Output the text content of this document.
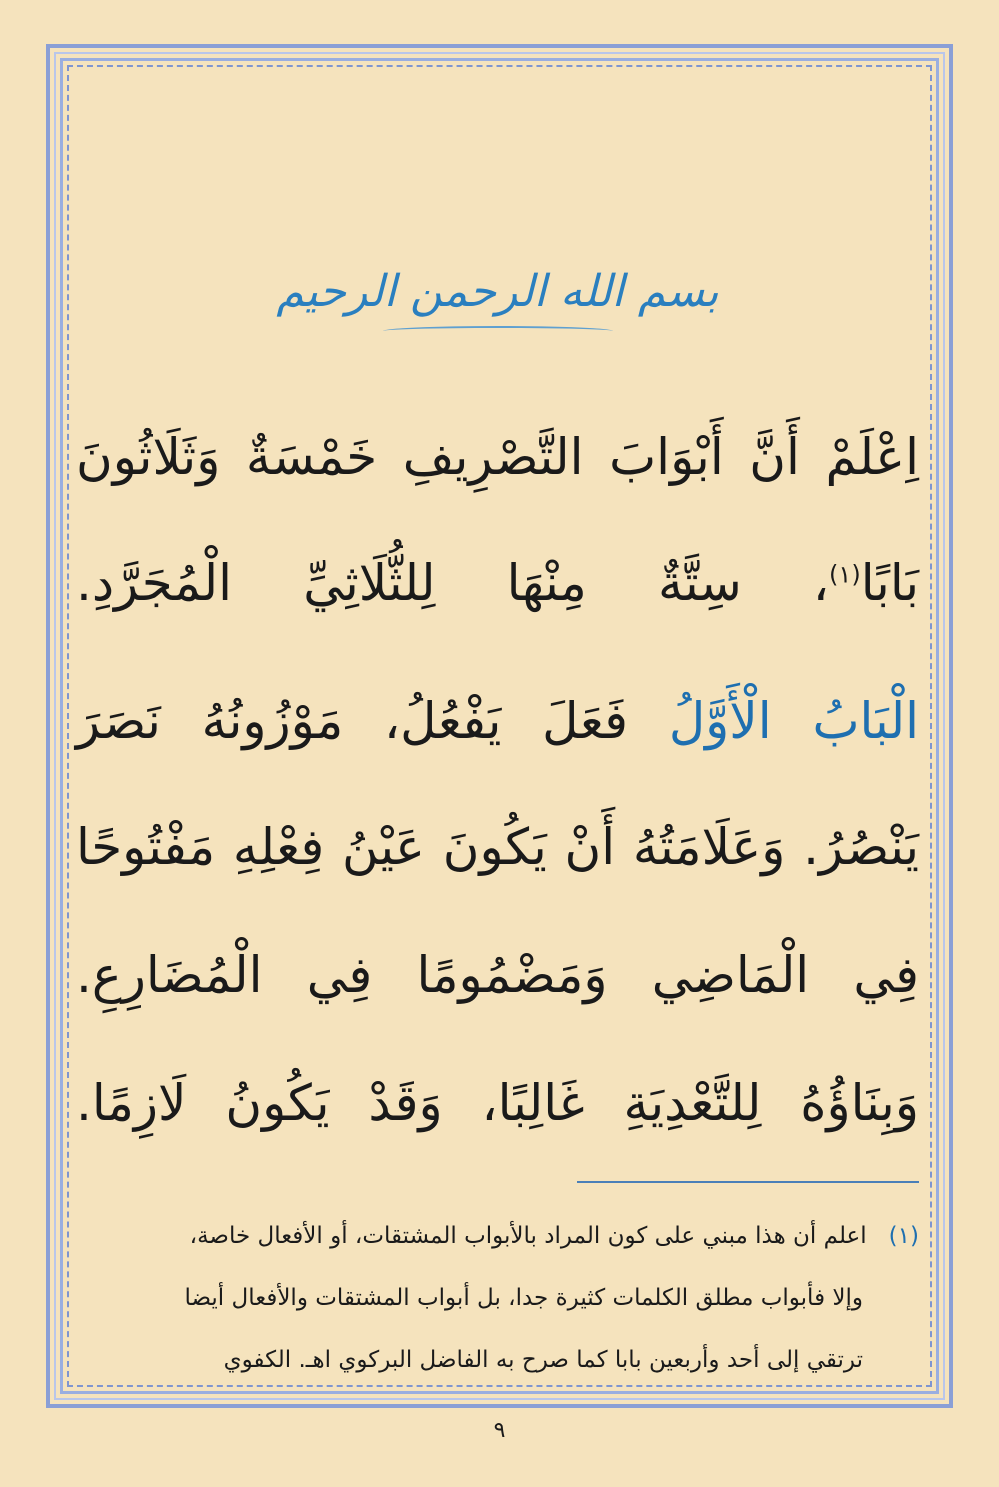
بسم الله الرحمن الرحيم
اِعْلَمْ أَنَّ أَبْوَابَ التَّصْرِيفِ خَمْسَةٌ وَثَلَاثُونَ
بَابًا$^{(١)}$، سِتَّةٌ مِنْهَا لِلثُّلَاثِيِّ الْمُجَرَّدِ.
الْبَابُ الْأَوَّلُ فَعَلَ يَفْعُلُ، مَوْزُونُهُ نَصَرَ
يَنْصُرُ. وَعَلَامَتُهُ أَنْ يَكُونَ عَيْنُ فِعْلِهِ مَفْتُوحًا
فِي الْمَاضِي وَمَضْمُومًا فِي الْمُضَارِعِ.
وَبِنَاؤُهُ لِلتَّعْدِيَةِ غَالِبًا، وَقَدْ يَكُونُ لَازِمًا.
(١)اعلم أن هذا مبني على كون المراد بالأبواب المشتقات، أو الأفعال خاصة،
وإلا فأبواب مطلق الكلمات كثيرة جدا، بل أبواب المشتقات والأفعال أيضا
ترتقي إلى أحد وأربعين بابا كما صرح به الفاضل البركوي اهـ. الكفوي
٩
